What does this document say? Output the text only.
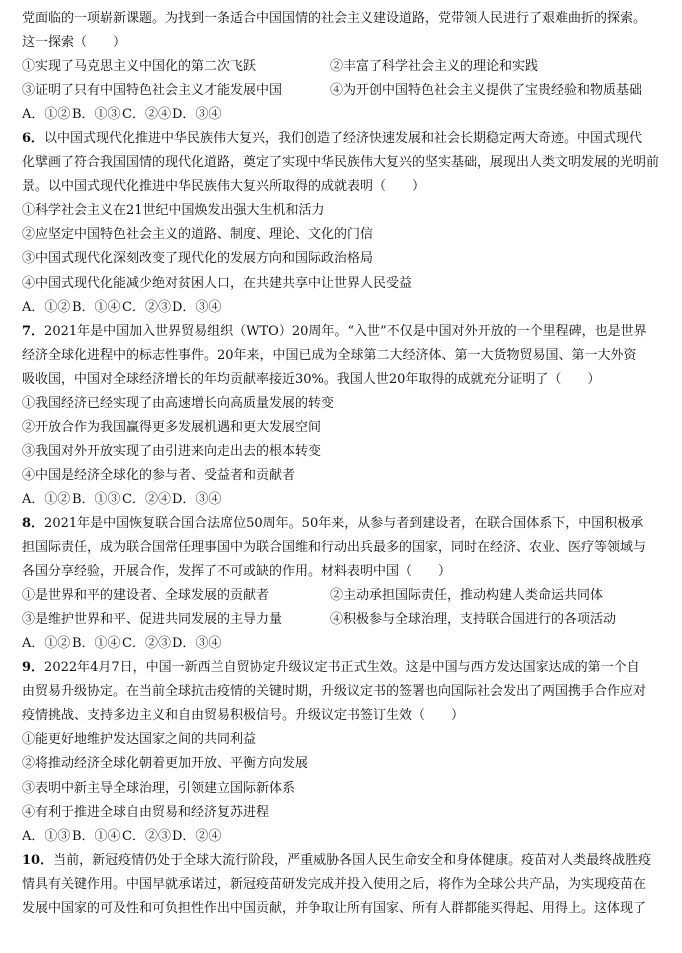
党面临的一项崭新课题。为找到一条适合中国国情的社会主义建设道路，党带领人民进行了艰难曲折的探索。
这一探索（　　）
①实现了马克思主义中国化的第二次飞跃	②丰富了科学社会主义的理论和实践
③证明了只有中国特色社会主义才能发展中国	④为开创中国特色社会主义提供了宝贵经验和物质基础
A．①② B．①③ C．②④ D．③④
6．以中国式现代化推进中华民族伟大复兴，我们创造了经济快速发展和社会长期稳定两大奇迹。中国式现代
化擘画了符合我国国情的现代化道路，奠定了实现中华民族伟大复兴的坚实基础，展现出人类文明发展的光明前
景。以中国式现代化推进中华民族伟大复兴所取得的成就表明（　　）
①科学社会主义在21世纪中国焕发出强大生机和活力
②应坚定中国特色社会主义的道路、制度、理论、文化的门信
③中国式现代化深刻改变了现代化的发展方向和国际政治格局
④中国式现代化能减少绝对贫困人口，在共建共享中让世界人民受益
A．①② B．①④ C．②③ D．③④
7．2021年是中国加入世界贸易组织（WTO）20周年。“入世”不仅是中国对外开放的一个里程碑，也是世界
经济全球化进程中的标志性事件。20年来，中国已成为全球第二大经济体、第一大货物贸易国、第一大外资
吸收国，中国对全球经济增长的年均贡献率接近30%。我国人世20年取得的成就充分证明了（　　）
①我国经济已经实现了由高速增长向高质量发展的转变
②开放合作为我国赢得更多发展机遇和更大发展空间
③我国对外开放实现了由引进来向走出去的根本转变
④中国是经济全球化的参与者、受益者和贡献者
A．①② B．①③ C．②④ D．③④
8．2021年是中国恢复联合国合法席位50周年。50年来，从参与者到建设者，在联合国体系下，中国积极承
担国际责任，成为联合国常任理事国中为联合国维和行动出兵最多的国家，同时在经济、农业、医疗等领域与
各国分享经验，开展合作，发挥了不可或缺的作用。材料表明中国（　　）
①是世界和平的建设者、全球发展的贡献者	②主动承担国际责任，推动构建人类命运共同体
③是维护世界和平、促进共同发展的主导力量	④积极参与全球治理，支持联合国进行的各项活动
A．①② B．①④ C．②③ D．③④
9．2022年4月7日，中国一新西兰自贸协定升级议定书正式生效。这是中国与西方发达国家达成的第一个自
由贸易升级协定。在当前全球抗击疫情的关键时期，升级议定书的签署也向国际社会发出了两国携手合作应对
疫情挑战、支持多边主义和自由贸易积极信号。升级议定书签订生效（　　）
①能更好地维护发达国家之间的共同利益
②将推动经济全球化朝着更加开放、平衡方向发展
③表明中新主导全球治理，引领建立国际新体系
④有利于推进全球自由贸易和经济复苏进程
A．①③ B．①④ C．②③ D．②④
10．当前，新冠疫情仍处于全球大流行阶段，严重威胁各国人民生命安全和身体健康。疫苗对人类最终战胜疫
情具有关键作用。中国早就承诺过，新冠疫苗研发完成并投入使用之后，将作为全球公共产品，为实现疫苗在
发展中国家的可及性和可负担性作出中国贡献，并争取让所有国家、所有人群都能买得起、用得上。这体现了
